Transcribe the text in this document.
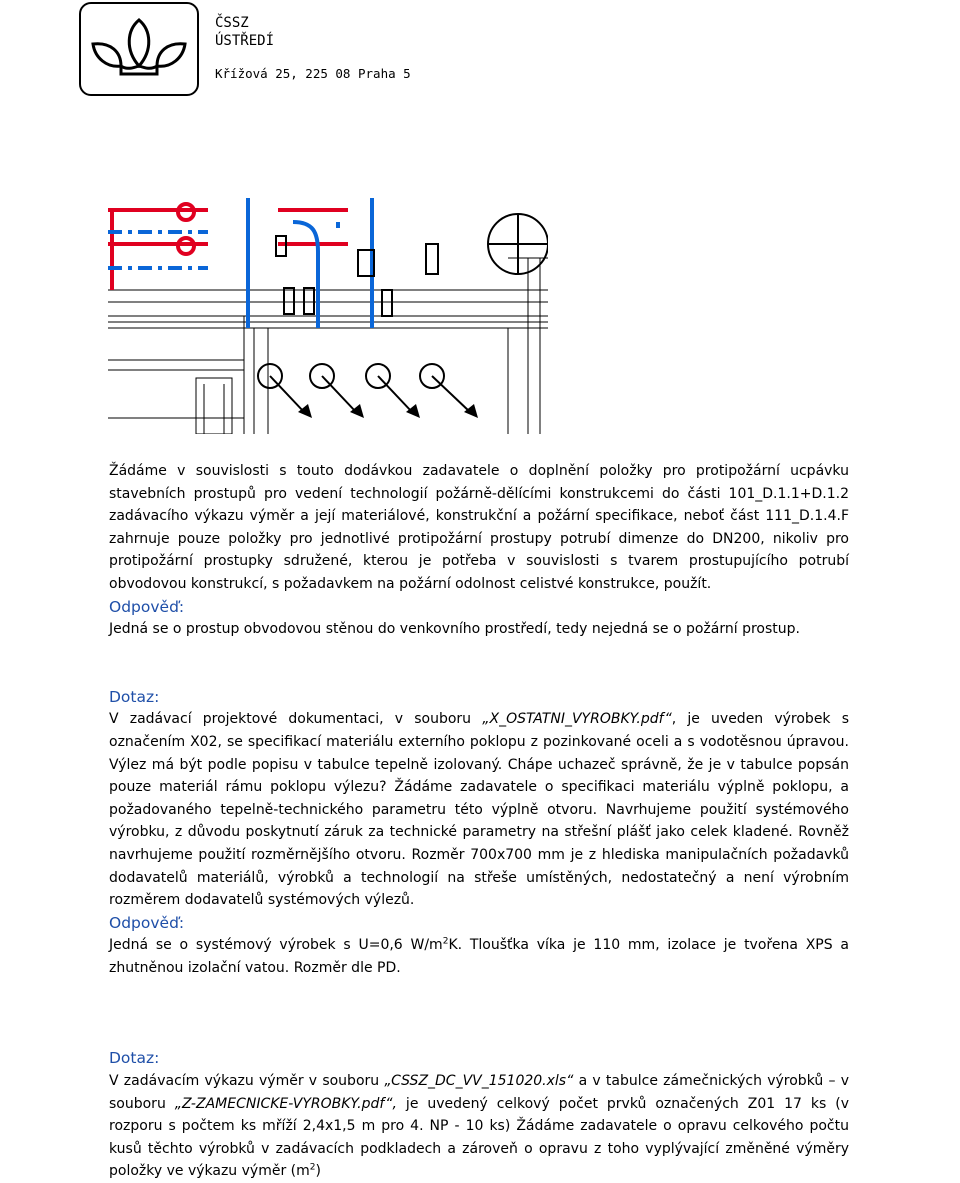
ČSSZ
ÚSTŘEDÍ
Křížová 25, 225 08 Praha 5

Žádáme v souvislosti s touto dodávkou zadavatele o doplnění položky pro protipožární ucpávku stavebních prostupů pro vedení technologií požárně-dělícími konstrukcemi do části 101_D.1.1+D.1.2 zadávacího výkazu výměr a její materiálové, konstrukční a požární specifikace, neboť část 111_D.1.4.F zahrnuje pouze položky pro jednotlivé protipožární prostupy potrubí dimenze do DN200, nikoliv pro protipožární prostupky sdružené, kterou je potřeba v souvislosti s tvarem prostupujícího potrubí obvodovou konstrukcí, s požadavkem na požární odolnost celistvé konstrukce, použít.

Odpověď:

Jedná se o prostup obvodovou stěnou do venkovního prostředí, tedy nejedná se o požární prostup.

Dotaz:

V zadávací projektové dokumentaci, v souboru „X_OSTATNI_VYROBKY.pdf“, je uveden výrobek s označením X02, se specifikací materiálu externího poklopu z pozinkované oceli a s vodotěsnou úpravou. Výlez má být podle popisu v tabulce tepelně izolovaný. Chápe uchazeč správně, že je v tabulce popsán pouze materiál rámu poklopu výlezu? Žádáme zadavatele o specifikaci materiálu výplně poklopu, a požadovaného tepelně-technického parametru této výplně otvoru. Navrhujeme použití systémového výrobku, z důvodu poskytnutí záruk za technické parametry na střešní plášť jako celek kladené. Rovněž navrhujeme použití rozměrnějšího otvoru. Rozměr 700x700 mm je z hlediska manipulačních požadavků dodavatelů materiálů, výrobků a technologií na střeše umístěných, nedostatečný a není výrobním rozměrem dodavatelů systémových výlezů.

Odpověď:

Jedná se o systémový výrobek s U=0,6 $W/m^2K$. Tloušťka víka je 110 mm, izolace je tvořena XPS a zhutněnou izolační vatou. Rozměr dle PD.

Dotaz:

V zadávacím výkazu výměr v souboru „CSSZ_DC_VV_151020.xls“ a v tabulce zámečnických výrobků – v souboru „Z-ZAMECNICKE-VYROBKY.pdf“, je uvedený celkový počet prvků označených Z01 17 ks (v rozporu s počtem ks mříží 2,4x1,5 m pro 4. NP - 10 ks) Žádáme zadavatele o opravu celkového počtu kusů těchto výrobků v zadávacích podkladech a zároveň o opravu z toho vyplývající změněné výměry položky ve výkazu výměr $(m^2)$
